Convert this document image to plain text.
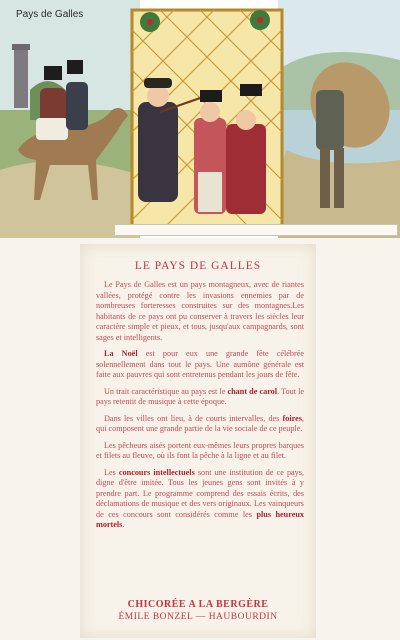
Pays de Galles
LE PAYS DE GALLES

Le Pays de Galles est un pays montagneux, avec de riantes vallées, protégé contre les invasions ennemies par de nombreuses forteresses construites sur des montagnes.Les habitants de ce pays ont pu conserver à travers les siècles leur caractère simple et pieux, et tous, jusqu'aux campagnards, sont sages et intelligents.

La Noël est pour eux une grande fête célébrée solennellement dans tout le pays. Une aumône générale est faite aux pauvres qui sont entretenus pendant les jours de fête.

Un trait caractéristique au pays est le chant de carol. Tout le pays retentit de musique à cette époque.

Dans les villes ont lieu, à de courts intervalles, des foires, qui composent une grande partie de la vie sociale de ce peuple.

Les pêcheurs aisés portent eux-mêmes leurs propres barques et filets au fleuve, où ils font la pêche à la ligne et au filet.

Les concours intellectuels sont une institution de ce pays, digne d'être imitée. Tous les jeunes gens sont invités à y prendre part. Le programme comprend des essais écrits, des déclamations de musique et des vers originaux. Les vainqueurs de ces concours sont considérés comme les plus heureux mortels.

CHICORÉE A LA BERGÈRE
ÉMILE BONZEL — HAUBOURDIN
